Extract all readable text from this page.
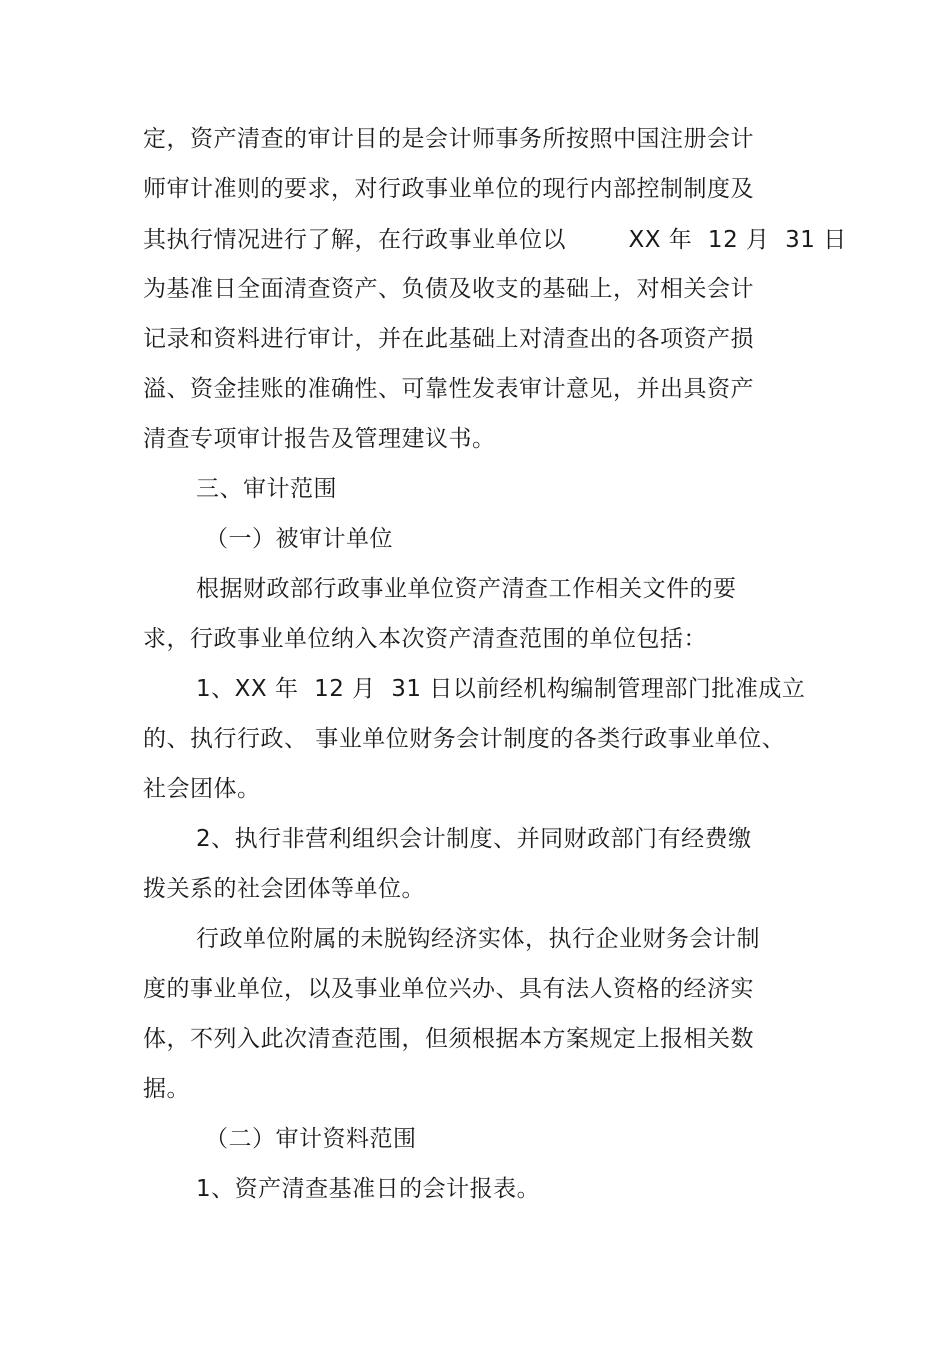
定，资产清查的审计目的是会计师事务所按照中国注册会计
师审计准则的要求，对行政事业单位的现行内部控制制度及
其执行情况进行了解，在行政事业单位以        XX 年  12 月  31 日
为基准日全面清查资产、负债及收支的基础上，对相关会计
记录和资料进行审计，并在此基础上对清查出的各项资产损
溢、资金挂账的准确性、可靠性发表审计意见，并出具资产
清查专项审计报告及管理建议书。
三、审计范围
（一）被审计单位
根据财政部行政事业单位资产清查工作相关文件的要
求，行政事业单位纳入本次资产清查范围的单位包括：
1、XX 年  12 月  31 日以前经机构编制管理部门批准成立
的、执行行政、 事业单位财务会计制度的各类行政事业单位、
社会团体。
2、执行非营利组织会计制度、并同财政部门有经费缴
拨关系的社会团体等单位。
行政单位附属的未脱钩经济实体，执行企业财务会计制
度的事业单位，以及事业单位兴办、具有法人资格的经济实
体，不列入此次清查范围，但须根据本方案规定上报相关数
据。
（二）审计资料范围
1、资产清查基准日的会计报表。
